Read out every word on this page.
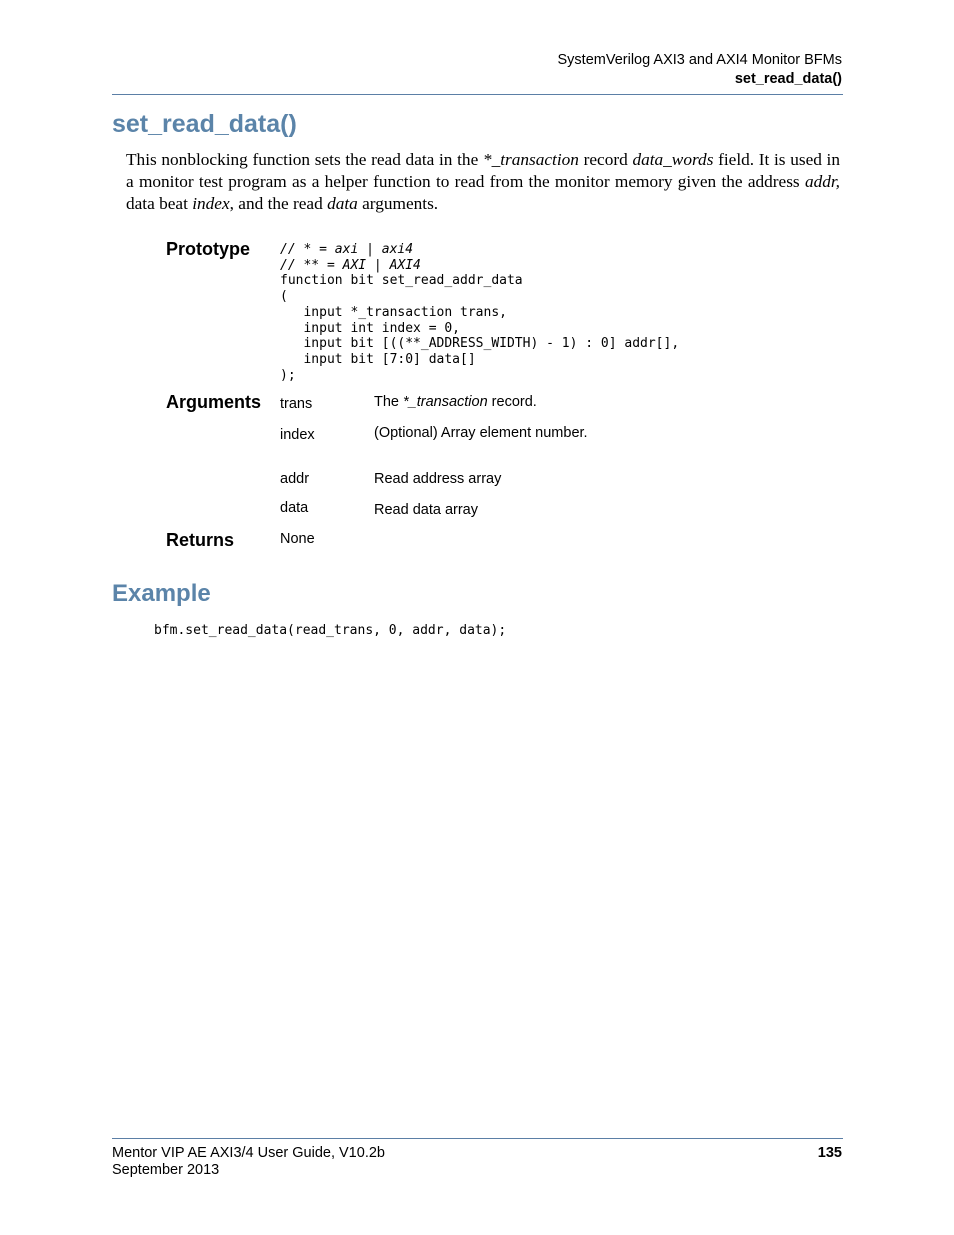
SystemVerilog AXI3 and AXI4 Monitor BFMs
set_read_data()
set_read_data()
This nonblocking function sets the read data in the *_transaction record data_words field. It is used in a monitor test program as a helper function to read from the monitor memory given the address addr, data beat index, and the read data arguments.
Prototype // * = axi | axi4
// ** = AXI | AXI4
function bit set_read_addr_data
(
input *_transaction trans,
input int index = 0,
input bit [((**_ADDRESS_WIDTH) - 1) : 0] addr[],
input bit [7:0] data[]
);
Arguments trans	The *_transaction record.
index	(Optional) Array element number.
addr	Read address array
data	Read data array
Returns	None
Example
bfm.set_read_data(read_trans, 0, addr, data);
Mentor VIP AE AXI3/4 User Guide, V10.2b
September 2013
135
